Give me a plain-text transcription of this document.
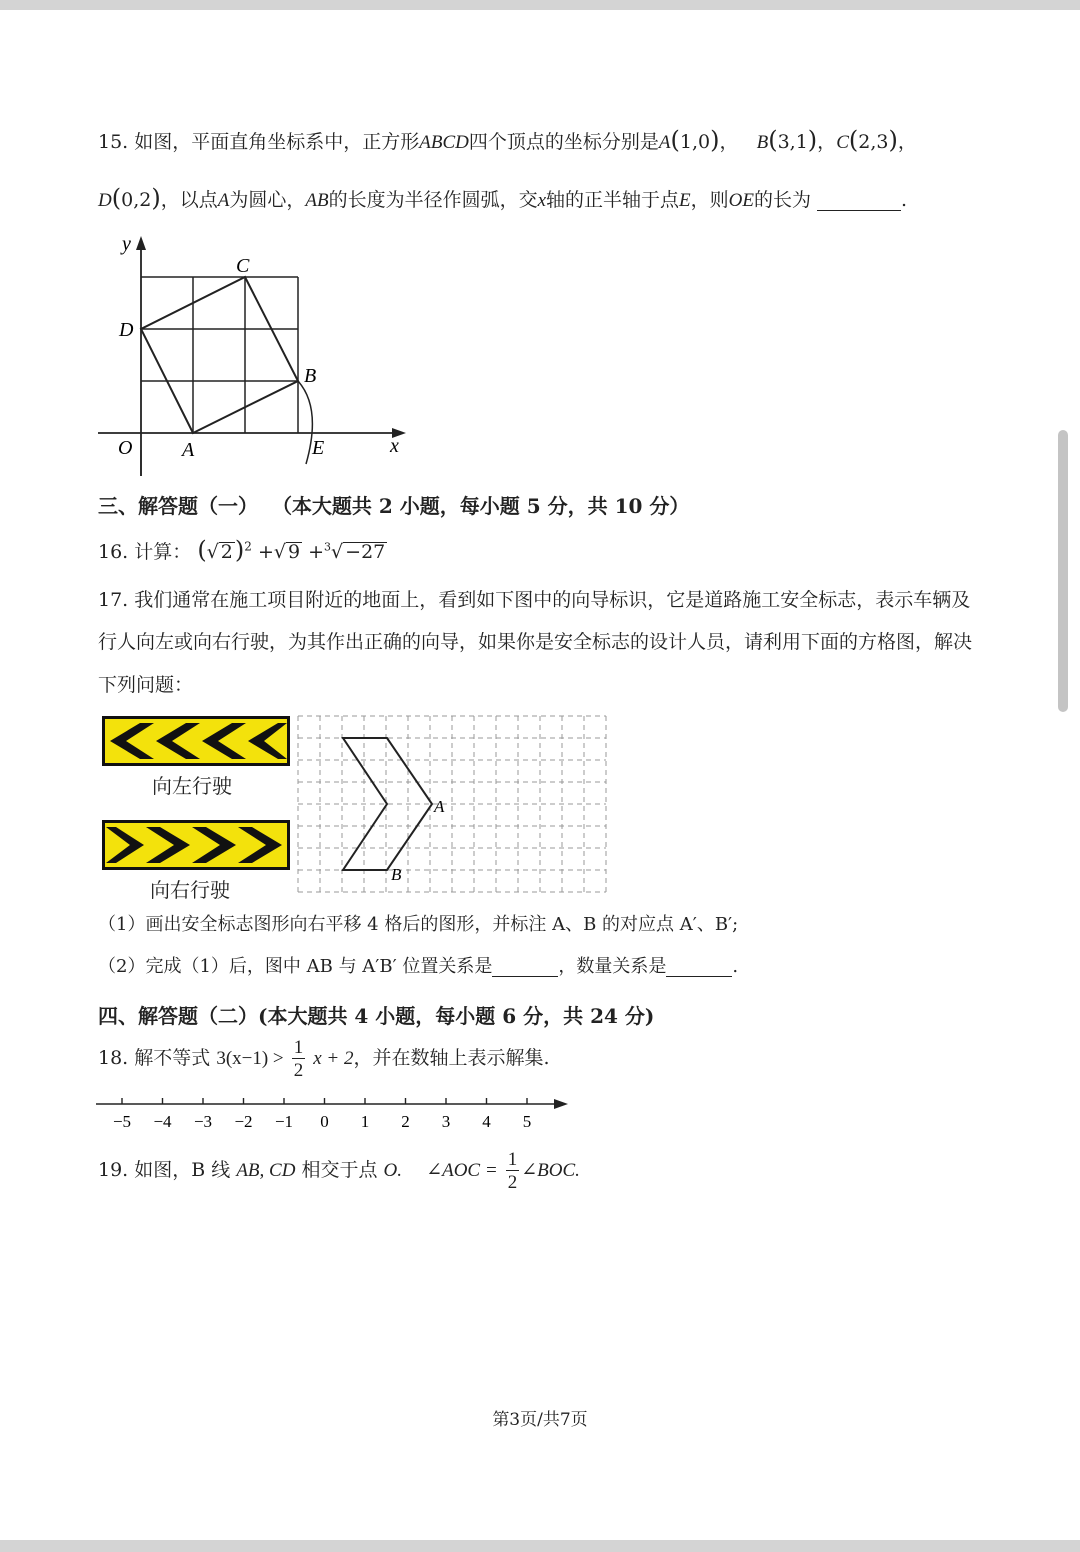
15. 如图，平面直角坐标系中，正方形ABCD四个顶点的坐标分别是A(1,0)，   B(3,1)，C(2,3)，
D(0,2)，以点A为圆心，AB的长度为半径作圆弧，交x轴的正半轴于点E，则OE的长为	.
y
x
O A
B
C
D
E
三、解答题（一） （本大题共 2 小题，每小题 5 分，共 10 分）
16. 计算： (√ 2)$^2$ +√ 9 +$^3$√ −27
17. 我们通常在施工项目附近的地面上，看到如下图中的向导标识，它是道路施工安全标志，表示车辆及
行人向左或向右行驶，为其作出正确的向导，如果你是安全标志的设计人员，请利用下面的方格图，解决
下列问题：
向左行驶
向右行驶
A
B
（1）画出安全标志图形向右平移 4 格后的图形，并标注 A、B 的对应点 A′、B′;
（2）完成（1）后，图中 AB 与 A′B′ 位置关系是	，数量关系是	.
四、解答题（二）(本大题共 4 小题，每小题 6 分，共 24 分)
18. 解不等式 $3(x-1) > \frac{1}{2}$ x + 2，并在数轴上表示解集.
−5 −4 −3 −2 −1 0 1 2 3 4 5
19. 如图，B 线 AB, CD 相交于点 O. ∠AOC = $\frac{1}{2}$ ∠BOC.
第3页/共7页
